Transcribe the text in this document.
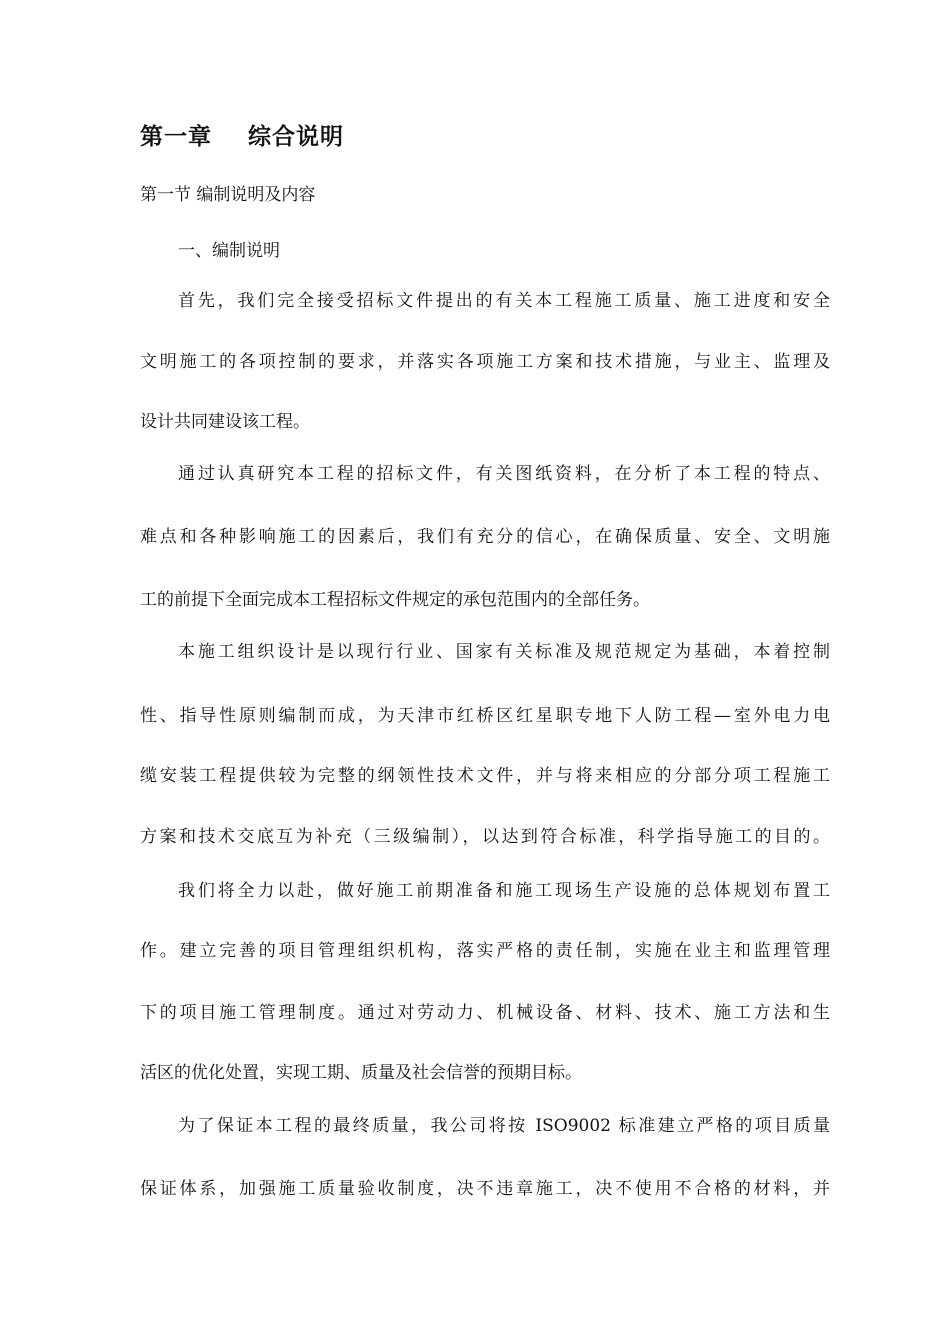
第一章 综合说明
第一节 编制说明及内容
一、编制说明
首先，我们完全接受招标文件提出的有关本工程施工质量、施工进度和安全
文明施工的各项控制的要求，并落实各项施工方案和技术措施，与业主、监理及
设计共同建设该工程。
通过认真研究本工程的招标文件，有关图纸资料，在分析了本工程的特点、
难点和各种影响施工的因素后，我们有充分的信心，在确保质量、安全、文明施
工的前提下全面完成本工程招标文件规定的承包范围内的全部任务。
本施工组织设计是以现行行业、国家有关标准及规范规定为基础，本着控制
性、指导性原则编制而成，为天津市红桥区红星职专地下人防工程—室外电力电
缆安装工程提供较为完整的纲领性技术文件，并与将来相应的分部分项工程施工
方案和技术交底互为补充（三级编制），以达到符合标准，科学指导施工的目的。
我们将全力以赴，做好施工前期准备和施工现场生产设施的总体规划布置工
作。建立完善的项目管理组织机构，落实严格的责任制，实施在业主和监理管理
下的项目施工管理制度。通过对劳动力、机械设备、材料、技术、施工方法和生
活区的优化处置，实现工期、质量及社会信誉的预期目标。
为了保证本工程的最终质量，我公司将按 ISO9002 标准建立严格的项目质量
保证体系，加强施工质量验收制度，决不违章施工，决不使用不合格的材料，并
